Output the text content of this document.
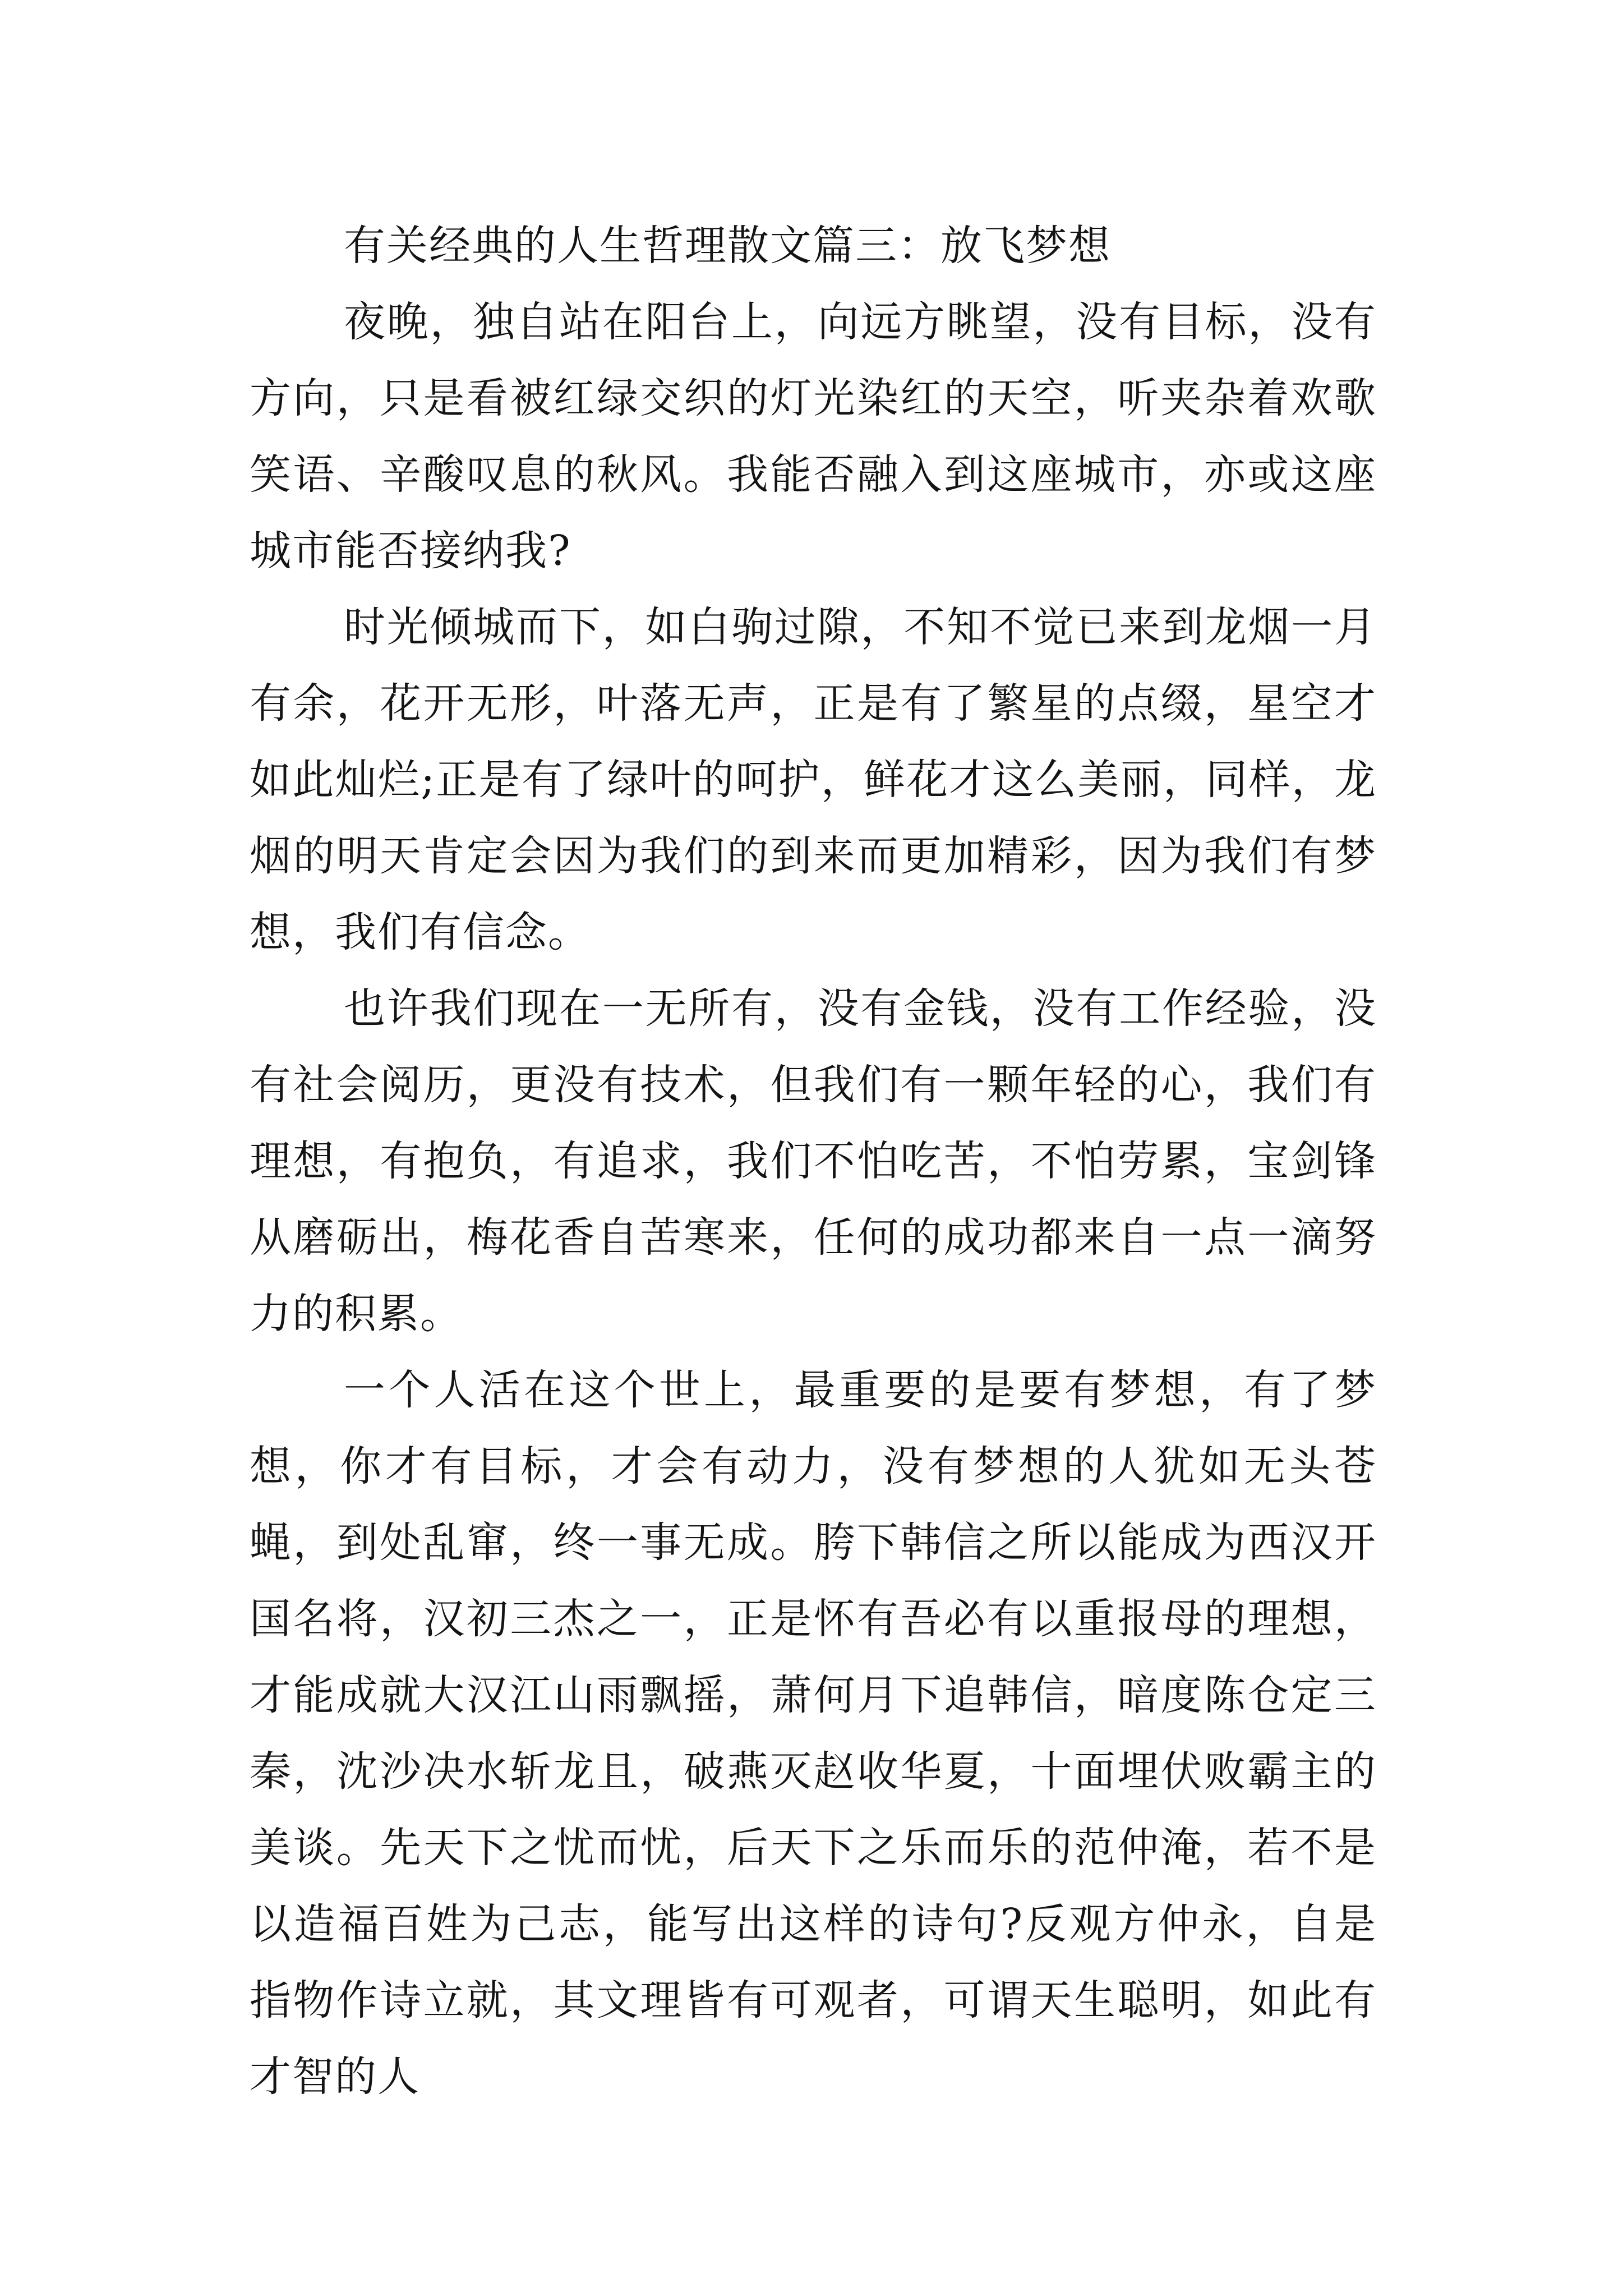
有关经典的人生哲理散文篇三：放飞梦想

夜晚，独自站在阳台上，向远方眺望，没有目标，没有方向，只是看被红绿交织的灯光染红的天空，听夹杂着欢歌笑语、辛酸叹息的秋风。我能否融入到这座城市，亦或这座城市能否接纳我?

时光倾城而下，如白驹过隙，不知不觉已来到龙烟一月有余，花开无形，叶落无声，正是有了繁星的点缀，星空才如此灿烂;正是有了绿叶的呵护，鲜花才这么美丽，同样，龙烟的明天肯定会因为我们的到来而更加精彩，因为我们有梦想，我们有信念。

也许我们现在一无所有，没有金钱，没有工作经验，没有社会阅历，更没有技术，但我们有一颗年轻的心，我们有理想，有抱负，有追求，我们不怕吃苦，不怕劳累，宝剑锋从磨砺出，梅花香自苦寒来，任何的成功都来自一点一滴努力的积累。

一个人活在这个世上，最重要的是要有梦想，有了梦想，你才有目标，才会有动力，没有梦想的人犹如无头苍蝇，到处乱窜，终一事无成。胯下韩信之所以能成为西汉开国名将，汉初三杰之一，正是怀有吾必有以重报母的理想，才能成就大汉江山雨飘摇，萧何月下追韩信，暗度陈仓定三秦，沈沙决水斩龙且，破燕灭赵收华夏，十面埋伏败霸主的美谈。先天下之忧而忧，后天下之乐而乐的范仲淹，若不是以造福百姓为己志，能写出这样的诗句?反观方仲永，自是指物作诗立就，其文理皆有可观者，可谓天生聪明，如此有才智的人
